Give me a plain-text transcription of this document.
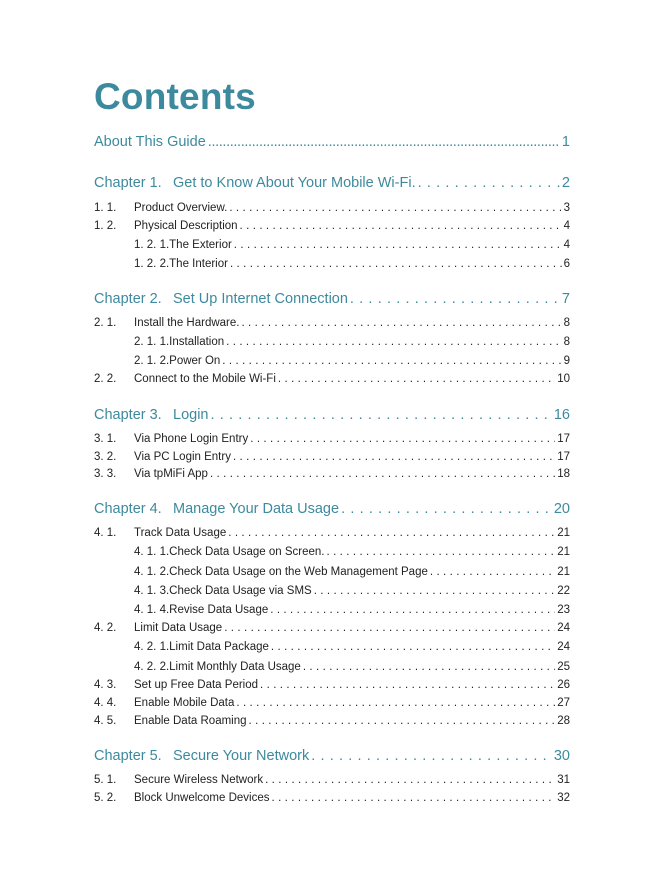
Contents
About This Guide . . .	1
Chapter 1. Get to Know About Your Mobile Wi-Fi. . . .	2
1. 1.	Product Overview. . . .	3
1. 2.	Physical Description . . .	4
1. 2. 1.The Exterior . . .	4
1. 2. 2.The Interior . . .	6
Chapter 2. Set Up Internet Connection . . .	7
2. 1.	Install the Hardware. . . .	8
2. 1. 1.Installation . . .	8
2. 1. 2.Power On . . .	9
2. 2.	Connect to the Mobile Wi-Fi . . .	10
Chapter 3. Login . . .	16
3. 1.	Via Phone Login Entry . . .	17
3. 2.	Via PC Login Entry . . .	17
3. 3.	Via tpMiFi App . . .	18
Chapter 4. Manage Your Data Usage . . .	20
4. 1.	Track Data Usage . . .	21
4. 1. 1.Check Data Usage on Screen. . . .	21
4. 1. 2.Check Data Usage on the Web Management Page . . .	21
4. 1. 3.Check Data Usage via SMS . . .	22
4. 1. 4.Revise Data Usage . . .	23
4. 2.	Limit Data Usage . . .	24
4. 2. 1.Limit Data Package . . .	24
4. 2. 2.Limit Monthly Data Usage . . .	25
4. 3.	Set up Free Data Period . . .	26
4. 4.	Enable Mobile Data . . .	27
4. 5.	Enable Data Roaming . . .	28
Chapter 5. Secure Your Network . . .	30
5. 1.	Secure Wireless Network . . .	31
5. 2.	Block Unwelcome Devices . . .	32
